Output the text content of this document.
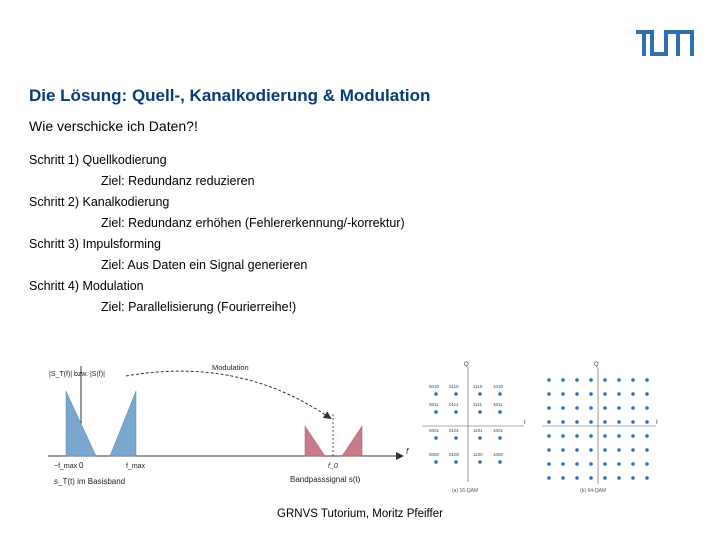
Die Lösung: Quell-, Kanalkodierung & Modulation
Wie verschicke ich Daten?!
Schritt 1) Quellkodierung
Ziel: Redundanz reduzieren
Schritt 2) Kanalkodierung
Ziel: Redundanz erhöhen (Fehlererkennung/-korrektur)
Schritt 3) Impulsforming
Ziel: Aus Daten ein Signal generieren
Schritt 4) Modulation
Ziel: Parallelisierung (Fourierreihe!)
|S_T(f)| bzw. |S(f)|
f
Modulation
−f_max 0	f_max	f_0
s_T(t) im Basisband	Bandpasssignal s(t)
Q
I
0010 0110	1110 1010
0011 0111	1111 1011
0001 0101	1101 1001
0000 0100	1100 1000
(a) 16-QAM
Q
I
(b) 64-QAM
GRNVS Tutorium, Moritz Pfeiffer
